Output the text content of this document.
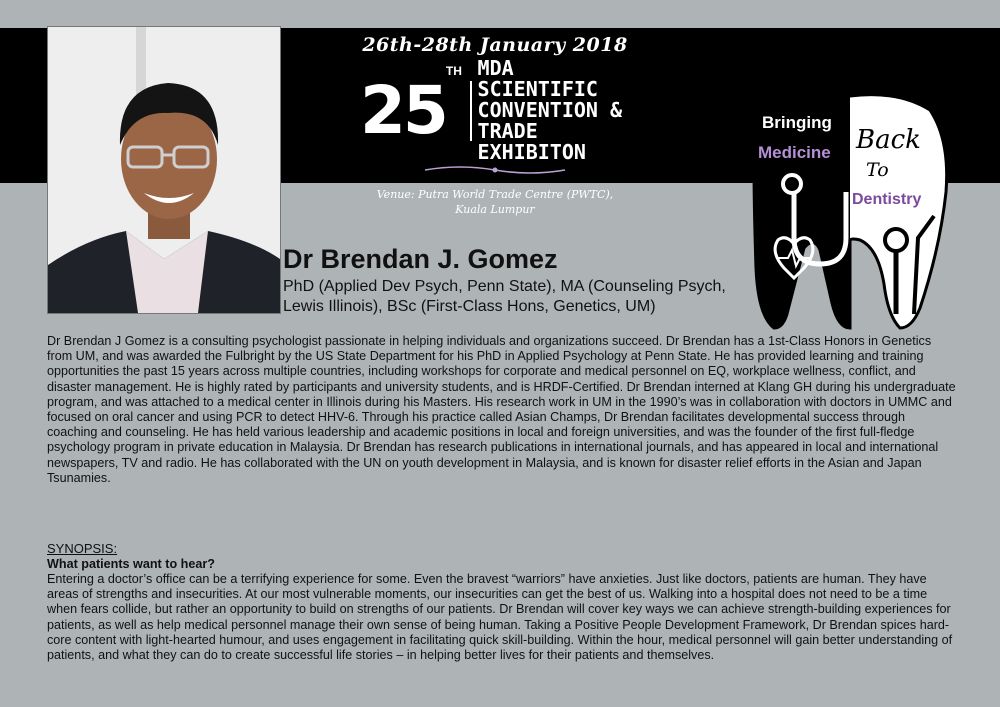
26th-28th January 2018
25
TH MDA SCIENTIFIC
CONVENTION &
TRADE EXHIBITON
Venue: Putra World Trade Centre (PWTC),
Kuala Lumpur
Bringing
Medicine Back
To
Dentistry
Dr Brendan J. Gomez
PhD (Applied Dev Psych, Penn State), MA (Counseling Psych, Lewis Illinois), BSc (First-Class Hons, Genetics, UM)
Dr Brendan J Gomez is a consulting psychologist passionate in helping individuals and organizations succeed. Dr Brendan has a 1st-Class Honors in Genetics from UM, and was awarded the Fulbright by the US State Department for his PhD in Applied Psychology at Penn State. He has provided learning and training opportunities the past 15 years across multiple countries, including workshops for corporate and medical personnel on EQ, workplace wellness, conflict, and disaster management. He is highly rated by participants and university students, and is HRDF-Certified. Dr Brendan interned at Klang GH during his undergraduate program, and was attached to a medical center in Illinois during his Masters. His research work in UM in the 1990’s was in collaboration with doctors in UMMC and focused on oral cancer and using PCR to detect HHV-6. Through his practice called Asian Champs, Dr Brendan facilitates developmental success through coaching and counseling. He has held various leadership and academic positions in local and foreign universities, and was the founder of the first full-fledge psychology program in private education in Malaysia. Dr Brendan has research publications in international journals, and has appeared in local and international newspapers, TV and radio. He has collaborated with the UN on youth development in Malaysia, and is known for disaster relief efforts in the Asian and Japan Tsunamies.
SYNOPSIS:
What patients want to hear?
Entering a doctor’s office can be a terrifying experience for some. Even the bravest “warriors” have anxieties. Just like doctors, patients are human. They have areas of strengths and insecurities. At our most vulnerable moments, our insecurities can get the best of us. Walking into a hospital does not need to be a time when fears collide, but rather an opportunity to build on strengths of our patients. Dr Brendan will cover key ways we can achieve strength-building experiences for patients, as well as help medical personnel manage their own sense of being human. Taking a Positive People Development Framework, Dr Brendan spices hard-core content with light-hearted humour, and uses engagement in facilitating quick skill-building. Within the hour, medical personnel will gain better understanding of patients, and what they can do to create successful life stories – in helping better lives for their patients and themselves.
